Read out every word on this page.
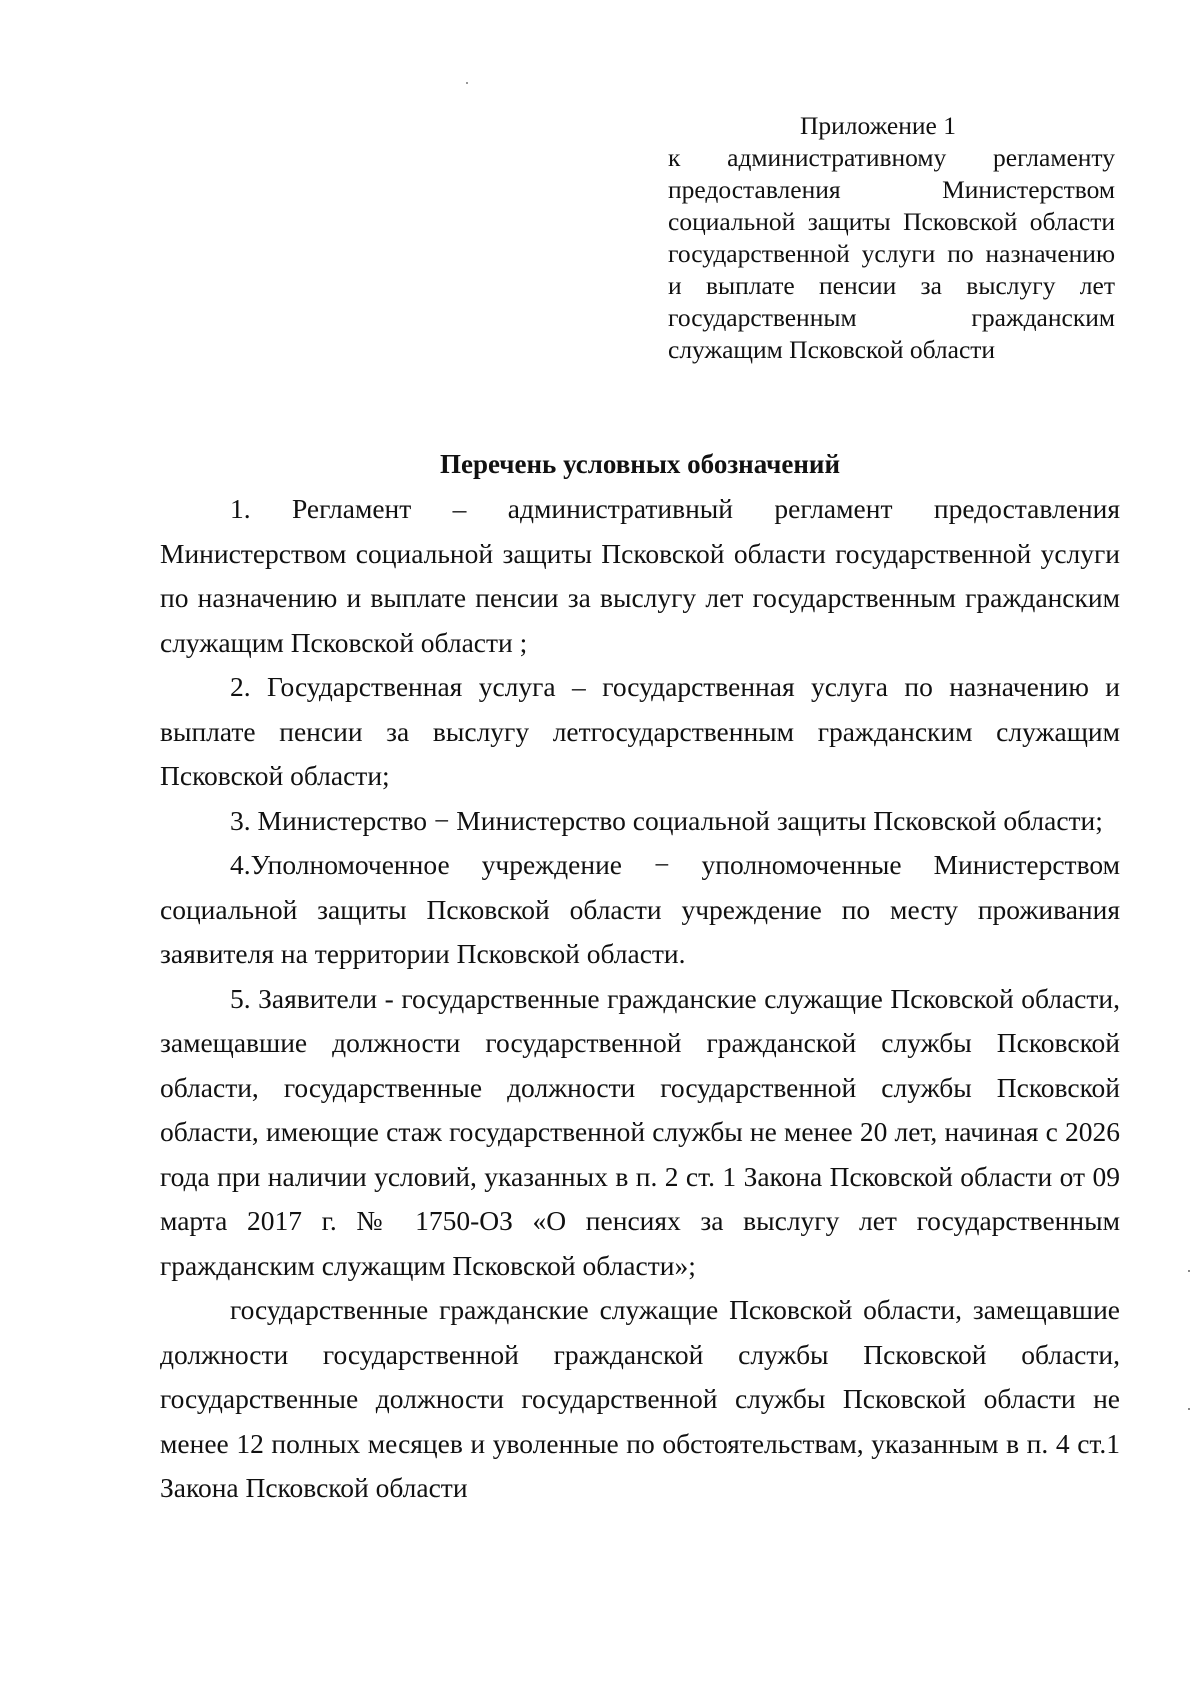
Приложение 1
к административному регламенту предоставления Министерством социальной защиты Псковской области государственной услуги по назначению и выплате пенсии за выслугу лет государственным гражданским служащим Псковской области
Перечень условных обозначений

1. Регламент – административный регламент предоставления Министерством социальной защиты Псковской области государственной услуги по назначению и выплате пенсии за выслугу лет государственным гражданским служащим Псковской области ;

2. Государственная услуга – государственная услуга по назначению и выплате пенсии за выслугу летгосударственным гражданским служащим Псковской области;

3. Министерство − Министерство социальной защиты Псковской области;

4.Уполномоченное учреждение − уполномоченные Министерством социальной защиты Псковской области учреждение по месту проживания заявителя на территории Псковской области.

5. Заявители - государственные гражданские служащие Псковской области, замещавшие должности государственной гражданской службы Псковской области, государственные должности государственной службы Псковской области, имеющие стаж государственной службы не менее 20 лет, начиная с 2026 года при наличии условий, указанных в п. 2 ст. 1 Закона Псковской области от 09 марта 2017 г. № 1750-ОЗ «О пенсиях за выслугу лет государственным гражданским служащим Псковской области»;

государственные гражданские служащие Псковской области, замещавшие должности государственной гражданской службы Псковской области, государственные должности государственной службы Псковской области не менее 12 полных месяцев и уволенные по обстоятельствам, указанным в п. 4 ст.1 Закона Псковской области
